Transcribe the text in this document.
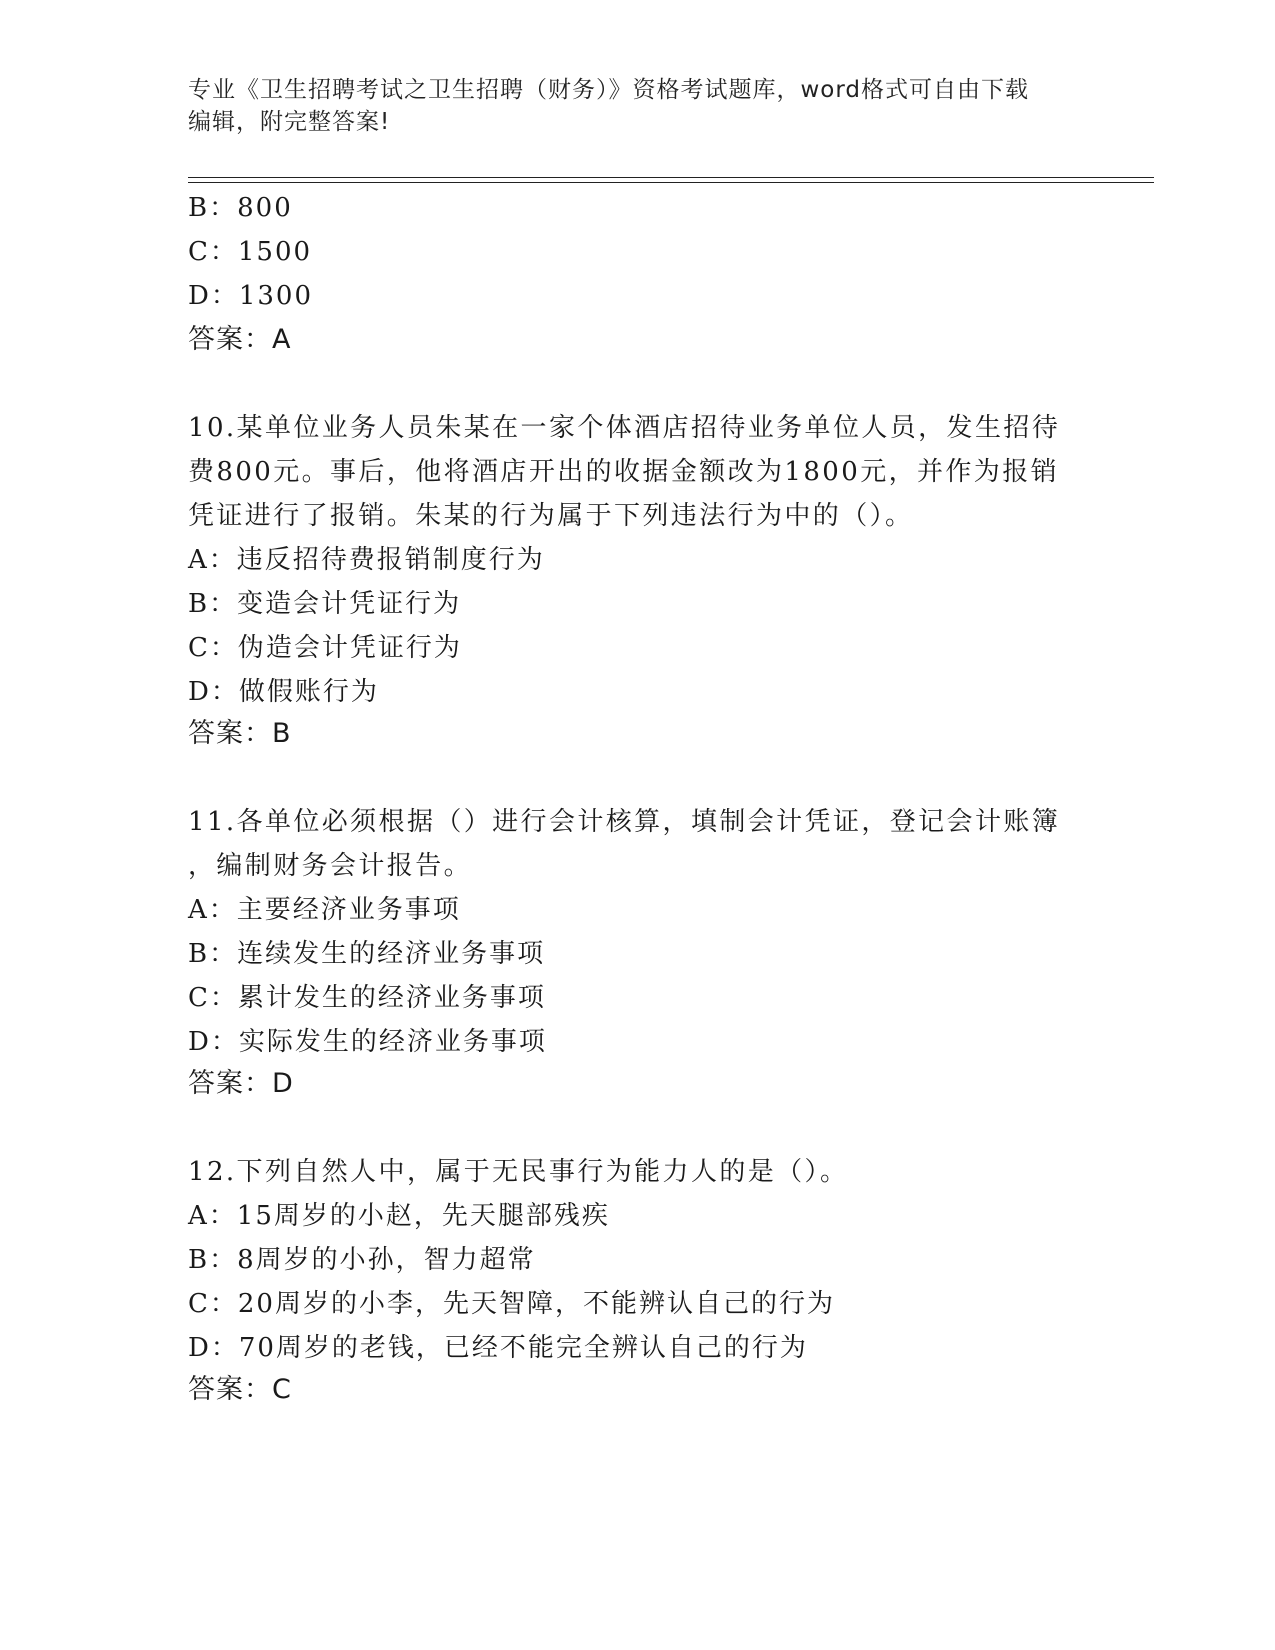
专业《卫生招聘考试之卫生招聘（财务）》资格考试题库，word格式可自由下载
编辑，附完整答案!
B：800
C：1500
D：1300
答案：A
10.某单位业务人员朱某在一家个体酒店招待业务单位人员，发生招待
费800元。事后，他将酒店开出的收据金额改为1800元，并作为报销
凭证进行了报销。朱某的行为属于下列违法行为中的（）。
A：违反招待费报销制度行为
B：变造会计凭证行为
C：伪造会计凭证行为
D：做假账行为
答案：B
11.各单位必须根据（）进行会计核算，填制会计凭证，登记会计账簿
，编制财务会计报告。
A：主要经济业务事项
B：连续发生的经济业务事项
C：累计发生的经济业务事项
D：实际发生的经济业务事项
答案：D
12.下列自然人中，属于无民事行为能力人的是（）。
A：15周岁的小赵，先天腿部残疾
B：8周岁的小孙，智力超常
C：20周岁的小李，先天智障，不能辨认自己的行为
D：70周岁的老钱，已经不能完全辨认自己的行为
答案：C
